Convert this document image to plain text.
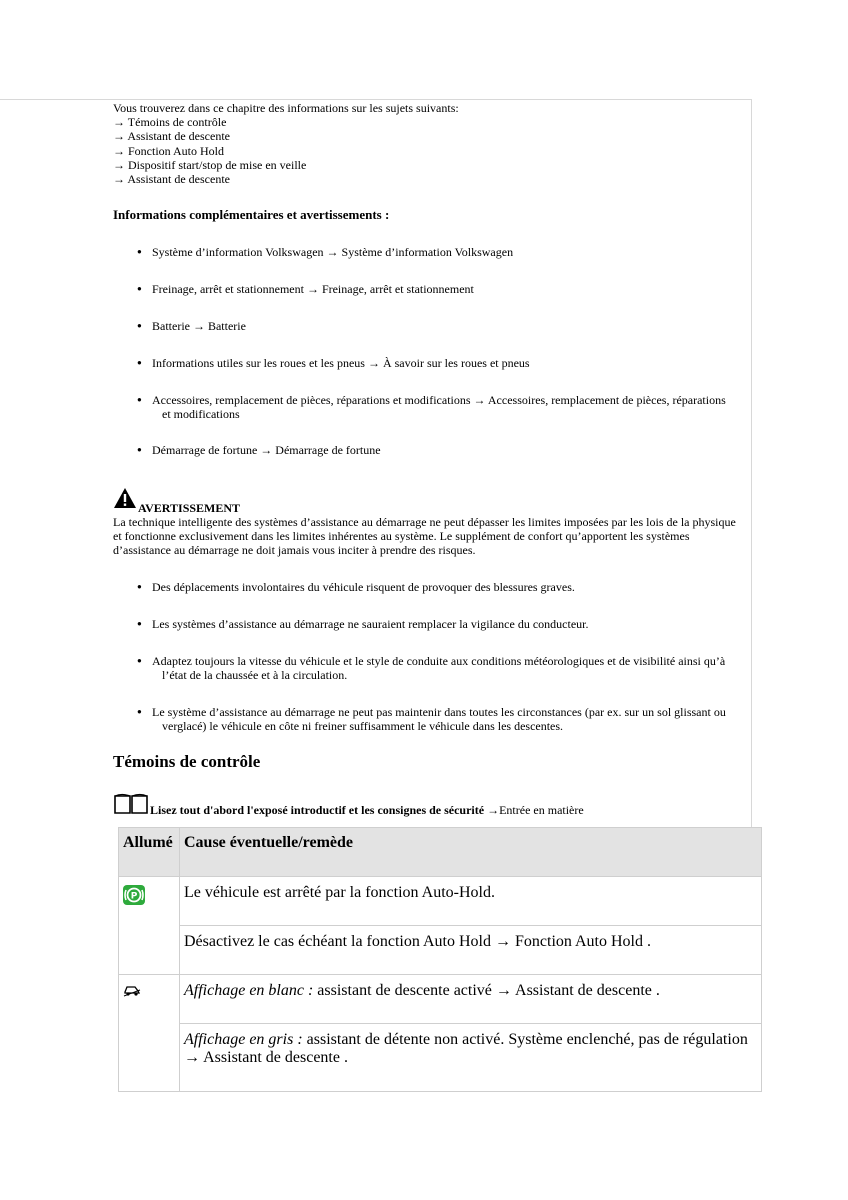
Vous trouverez dans ce chapitre des informations sur les sujets suivants:
→ Témoins de contrôle
→ Assistant de descente
→ Fonction Auto Hold
→ Dispositif start/stop de mise en veille
→ Assistant de descente
Informations complémentaires et avertissements :
● Système d’information Volkswagen → Système d’information Volkswagen
● Freinage, arrêt et stationnement → Freinage, arrêt et stationnement
● Batterie → Batterie
● Informations utiles sur les roues et les pneus → À savoir sur les roues et pneus
● Accessoires, remplacement de pièces, réparations et modifications → Accessoires, remplacement de pièces, réparations
et modifications
● Démarrage de fortune → Démarrage de fortune
AVERTISSEMENT
La technique intelligente des systèmes d’assistance au démarrage ne peut dépasser les limites imposées par les lois de la physique et fonctionne exclusivement dans les limites inhérentes au système. Le supplément de confort qu’apportent les systèmes d’assistance au démarrage ne doit jamais vous inciter à prendre des risques.
● Des déplacements involontaires du véhicule risquent de provoquer des blessures graves.
● Les systèmes d’assistance au démarrage ne sauraient remplacer la vigilance du conducteur.
● Adaptez toujours la vitesse du véhicule et le style de conduite aux conditions météorologiques et de visibilité ainsi qu’à
l’état de la chaussée et à la circulation.
● Le système d’assistance au démarrage ne peut pas maintenir dans toutes les circonstances (par ex. sur un sol glissant ou
verglacé) le véhicule en côte ni freiner suffisamment le véhicule dans les descentes.
Témoins de contrôle
Lisez tout d'abord l'exposé introductif et les consignes de sécurité →Entrée en matière
Allumé	Cause éventuelle/remède

P	Le véhicule est arrêté par la fonction Auto-Hold.
	Désactivez le cas échéant la fonction Auto Hold → Fonction Auto Hold .
	Affichage en blanc : assistant de descente activé → Assistant de descente .
	Affichage en gris : assistant de détente non activé. Système enclenché, pas de régulation → Assistant de descente .
